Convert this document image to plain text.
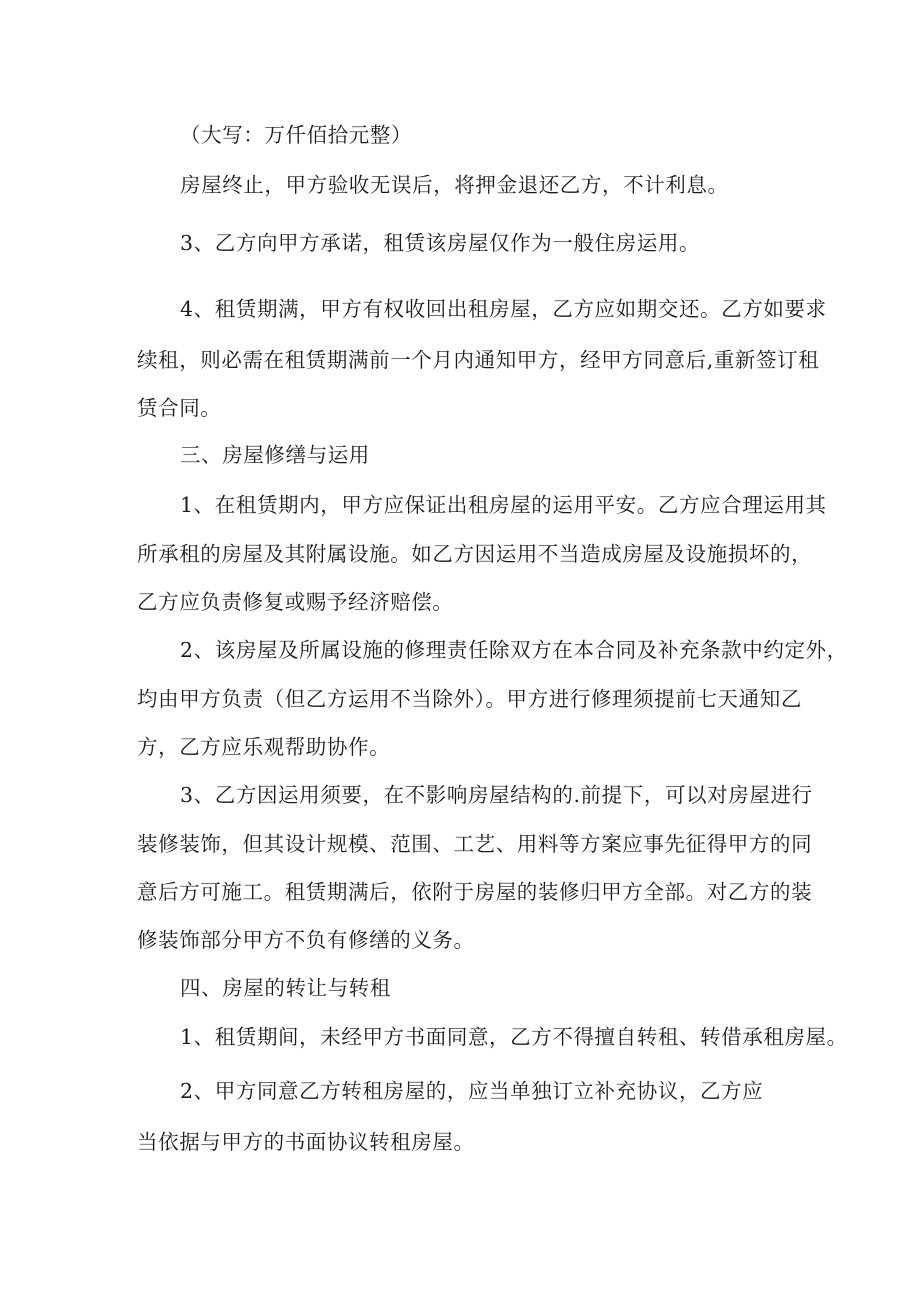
（大写：万仟佰拾元整）
房屋终止，甲方验收无误后，将押金退还乙方，不计利息。
3、乙方向甲方承诺，租赁该房屋仅作为一般住房运用。
4、租赁期满，甲方有权收回出租房屋，乙方应如期交还。乙方如要求
续租，则必需在租赁期满前一个月内通知甲方，经甲方同意后,重新签订租
赁合同。
三、房屋修缮与运用
1、在租赁期内，甲方应保证出租房屋的运用平安。乙方应合理运用其
所承租的房屋及其附属设施。如乙方因运用不当造成房屋及设施损坏的，
乙方应负责修复或赐予经济赔偿。
2、该房屋及所属设施的修理责任除双方在本合同及补充条款中约定外，
均由甲方负责（但乙方运用不当除外）。甲方进行修理须提前七天通知乙
方，乙方应乐观帮助协作。
3、乙方因运用须要，在不影响房屋结构的.前提下，可以对房屋进行
装修装饰，但其设计规模、范围、工艺、用料等方案应事先征得甲方的同
意后方可施工。租赁期满后，依附于房屋的装修归甲方全部。对乙方的装
修装饰部分甲方不负有修缮的义务。
四、房屋的转让与转租
1、租赁期间，未经甲方书面同意，乙方不得擅自转租、转借承租房屋。
2、甲方同意乙方转租房屋的，应当单独订立补充协议，乙方应
当依据与甲方的书面协议转租房屋。
